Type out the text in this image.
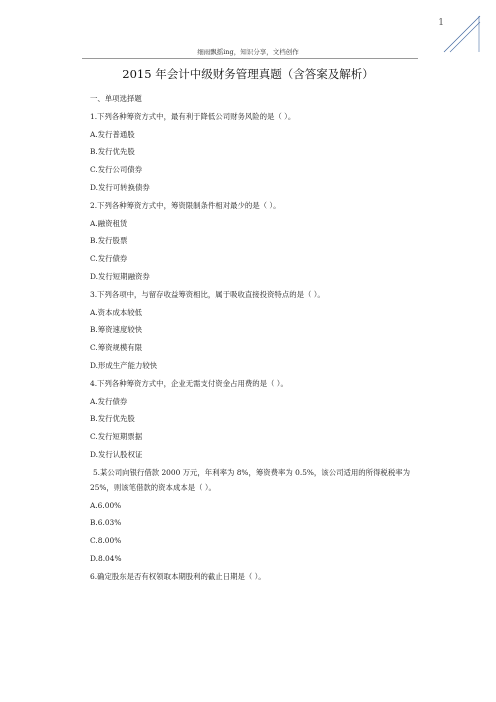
1
细雨飘摇ing，知识分享，文档创作
2015 年会计中级财务管理真题（含答案及解析）
一、单项选择题
1.下列各种筹资方式中，最有利于降低公司财务风险的是（ ）。
A.发行普通股
B.发行优先股
C.发行公司债券
D.发行可转换债券
2.下列各种筹资方式中，筹资限制条件相对最少的是（ ）。
A.融资租赁
B.发行股票
C.发行债券
D.发行短期融资券
3.下列各项中，与留存收益筹资相比，属于吸收直接投资特点的是（ ）。
A.资本成本较低
B.筹资速度较快
C.筹资规模有限
D.形成生产能力较快
4.下列各种筹资方式中，企业无需支付资金占用费的是（ ）。
A.发行债券
B.发行优先股
C.发行短期票据
D.发行认股权证
5.某公司向银行借款 2000 万元，年利率为 8%，筹资费率为 0.5%，该公司适用的所得税税率为 25%，则该笔借款的资本成本是（ ）。
A.6.00%
B.6.03%
C.8.00%
D.8.04%
6.确定股东是否有权领取本期股利的截止日期是（ ）。
